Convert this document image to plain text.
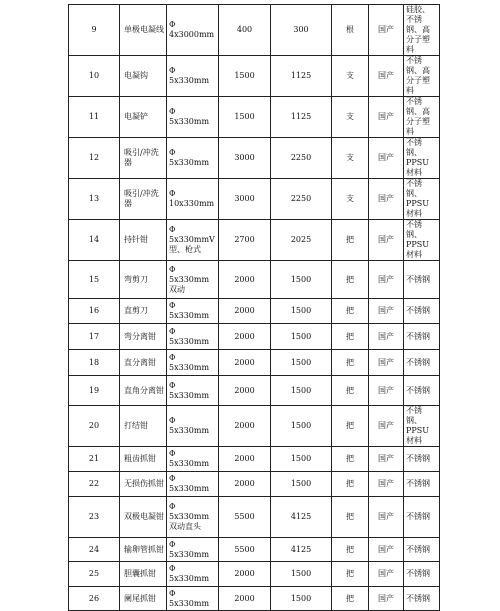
9	单极电凝线	Φ
4x3000mm	400	300	根	国产	硅胶、不锈钢、高分子塑料
10	电凝钩	Φ
5x330mm	1500	1125	支	国产	不锈钢、高分子塑料
11	电凝铲	Φ
5x330mm	1500	1125	支	国产	不锈钢、高分子塑料
12	吸引/冲洗器	Φ
5x330mm	3000	2250	支	国产	不锈钢、PPSU 材料
13	吸引/冲洗器	Φ
10x330mm	3000	2250	支	国产	不锈钢、PPSU 材料
14	持针钳	Φ
5x330mmV
型、枪式	2700	2025	把	国产	不锈钢、PPSU 材料
15	弯剪刀	Φ
5x330mm
双动	2000	1500	把	国产	不锈钢
16	直剪刀	Φ
5x330mm	2000	1500	把	国产	不锈钢
17	弯分离钳	Φ
5x330mm	2000	1500	把	国产	不锈钢
18	直分离钳	Φ
5x330mm	2000	1500	把	国产	不锈钢
19	直角分离钳	Φ
5x330mm	2000	1500	把	国产	不锈钢
20	打结钳	Φ
5x330mm	2000	1500	把	国产	不锈钢、PPSU 材料
21	粗齿抓钳	Φ
5x330mm	2000	1500	把	国产	不锈钢
22	无损伤抓钳	Φ
5x330mm	2000	1500	把	国产	不锈钢
23	双极电凝钳	Φ
5x330mm
双动直头	5500	4125	把	国产	不锈钢
24	输卵管抓钳	Φ
5x330mm	5500	4125	把	国产	不锈钢
25	胆囊抓钳	Φ
5x330mm	2000	1500	把	国产	不锈钢
26	阑尾抓钳	Φ
5x330mm	2000	1500	把	国产	不锈钢
